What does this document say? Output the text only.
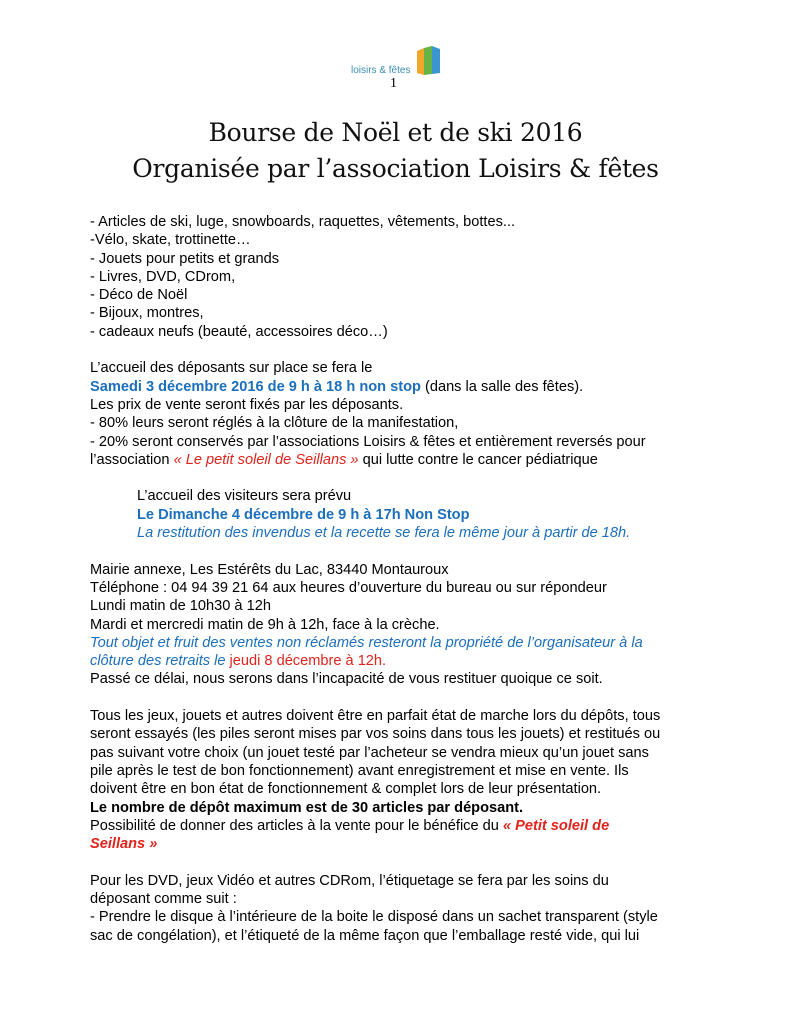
loisirs & fêtes
1
Bourse de Noël et de ski 2016
Organisée par l’association Loisirs & fêtes
- Articles de ski, luge, snowboards, raquettes, vêtements, bottes...
-Vélo, skate, trottinette…
- Jouets pour petits et grands
- Livres, DVD, CDrom,
- Déco de Noël
- Bijoux, montres,
- cadeaux neufs (beauté, accessoires déco…)
L’accueil des déposants sur place se fera le
Samedi 3 décembre 2016 de 9 h à 18 h non stop (dans la salle des fêtes).
Les prix de vente seront fixés par les déposants.
- 80% leurs seront réglés à la clôture de la manifestation,
- 20% seront conservés par l’associations Loisirs & fêtes et entièrement reversés pour
l’association « Le petit soleil de Seillans » qui lutte contre le cancer pédiatrique
L’accueil des visiteurs sera prévu
Le Dimanche 4 décembre de 9 h à 17h Non Stop
La restitution des invendus et la recette se fera le même jour à partir de 18h.
Mairie annexe, Les Estérêts du Lac, 83440 Montauroux
Téléphone : 04 94 39 21 64 aux heures d’ouverture du bureau ou sur répondeur
Lundi matin de 10h30 à 12h
Mardi et mercredi matin de 9h à 12h, face à la crèche.
Tout objet et fruit des ventes non réclamés resteront la propriété de l’organisateur à la
clôture des retraits le jeudi 8 décembre à 12h.
Passé ce délai, nous serons dans l’incapacité de vous restituer quoique ce soit.
Tous les jeux, jouets et autres doivent être en parfait état de marche lors du dépôts, tous
seront essayés (les piles seront mises par vos soins dans tous les jouets) et restitués ou
pas suivant votre choix (un jouet testé par l’acheteur se vendra mieux qu’un jouet sans
pile après le test de bon fonctionnement) avant enregistrement et mise en vente. Ils
doivent être en bon état de fonctionnement & complet lors de leur présentation.
Le nombre de dépôt maximum est de 30 articles par déposant.
Possibilité de donner des articles à la vente pour le bénéfice du « Petit soleil de
Seillans »
Pour les DVD, jeux Vidéo et autres CDRom, l’étiquetage se fera par les soins du
déposant comme suit :
- Prendre le disque à l’intérieure de la boite le disposé dans un sachet transparent (style
sac de congélation), et l’étiqueté de la même façon que l’emballage resté vide, qui lui
